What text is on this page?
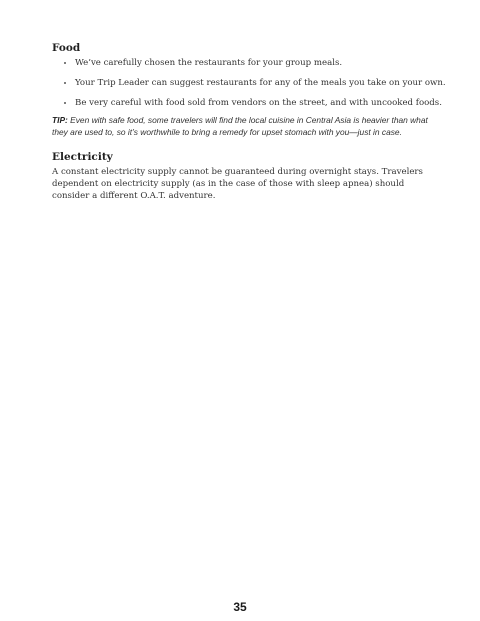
Food
We’ve carefully chosen the restaurants for your group meals.
Your Trip Leader can suggest restaurants for any of the meals you take on your own.
Be very careful with food sold from vendors on the street, and with uncooked foods.

TIP: Even with safe food, some travelers will find the local cuisine in Central Asia is heavier than what they are used to, so it’s worthwhile to bring a remedy for upset stomach with you—just in case.

Electricity

A constant electricity supply cannot be guaranteed during overnight stays. Travelers dependent on electricity supply (as in the case of those with sleep apnea) should consider a different O.A.T. adventure.

35
